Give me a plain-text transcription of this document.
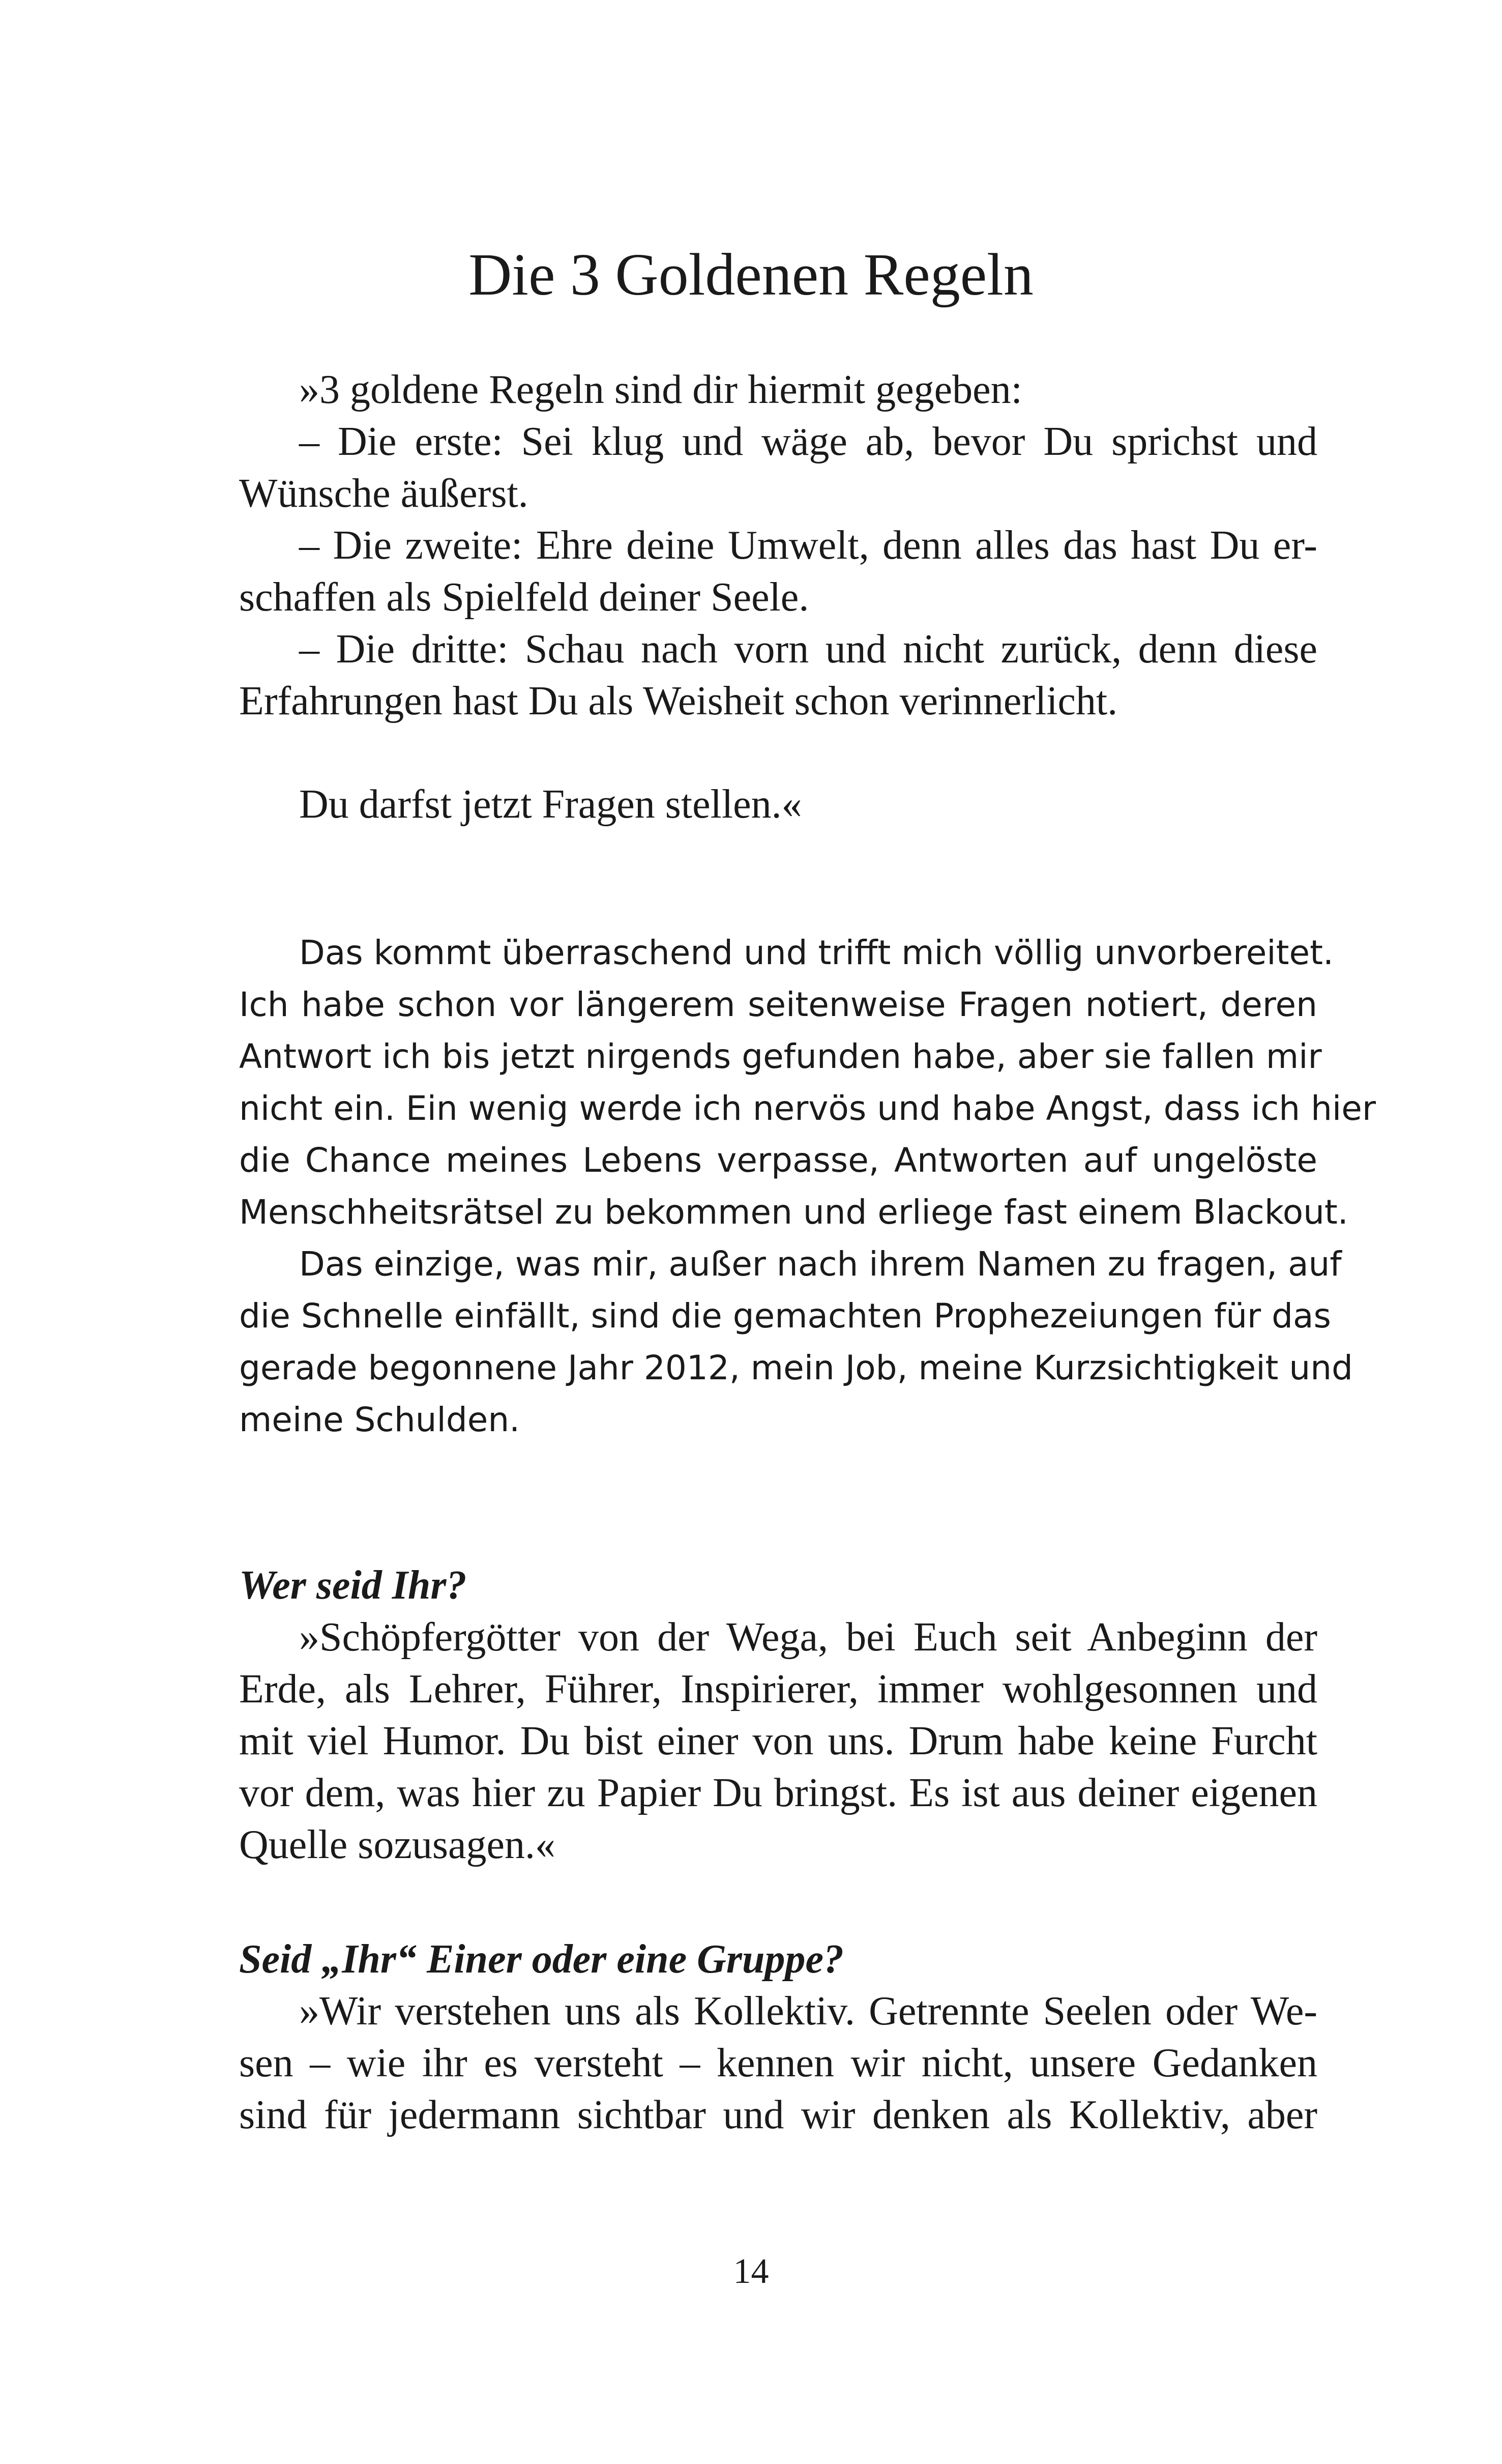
Die 3 Goldenen Regeln
»3 goldene Regeln sind dir hiermit gegeben:
– Die erste: Sei klug und wäge ab, bevor Du sprichst und
Wünsche äußerst.
– Die zweite: Ehre deine Umwelt, denn alles das hast Du er-
schaffen als Spielfeld deiner Seele.
– Die dritte: Schau nach vorn und nicht zurück, denn diese
Erfahrungen hast Du als Weisheit schon verinnerlicht.
Du darfst jetzt Fragen stellen.«
Das kommt überraschend und trifft mich völlig unvorbereitet.
Ich habe schon vor längerem seitenweise Fragen notiert, deren
Antwort ich bis jetzt nirgends gefunden habe, aber sie fallen mir
nicht ein. Ein wenig werde ich nervös und habe Angst, dass ich hier
die Chance meines Lebens verpasse, Antworten auf ungelöste
Menschheitsrätsel zu bekommen und erliege fast einem Blackout.
Das einzige, was mir, außer nach ihrem Namen zu fragen, auf
die Schnelle einfällt, sind die gemachten Prophezeiungen für das
gerade begonnene Jahr 2012, mein Job, meine Kurzsichtigkeit und
meine Schulden.
Wer seid Ihr?
»Schöpfergötter von der Wega, bei Euch seit Anbeginn der
Erde, als Lehrer, Führer, Inspirierer, immer wohlgesonnen und
mit viel Humor. Du bist einer von uns. Drum habe keine Furcht
vor dem, was hier zu Papier Du bringst. Es ist aus deiner eigenen
Quelle sozusagen.«
Seid „Ihr“ Einer oder eine Gruppe?
»Wir verstehen uns als Kollektiv. Getrennte Seelen oder We-
sen – wie ihr es versteht – kennen wir nicht, unsere Gedanken
sind für jedermann sichtbar und wir denken als Kollektiv, aber
14
